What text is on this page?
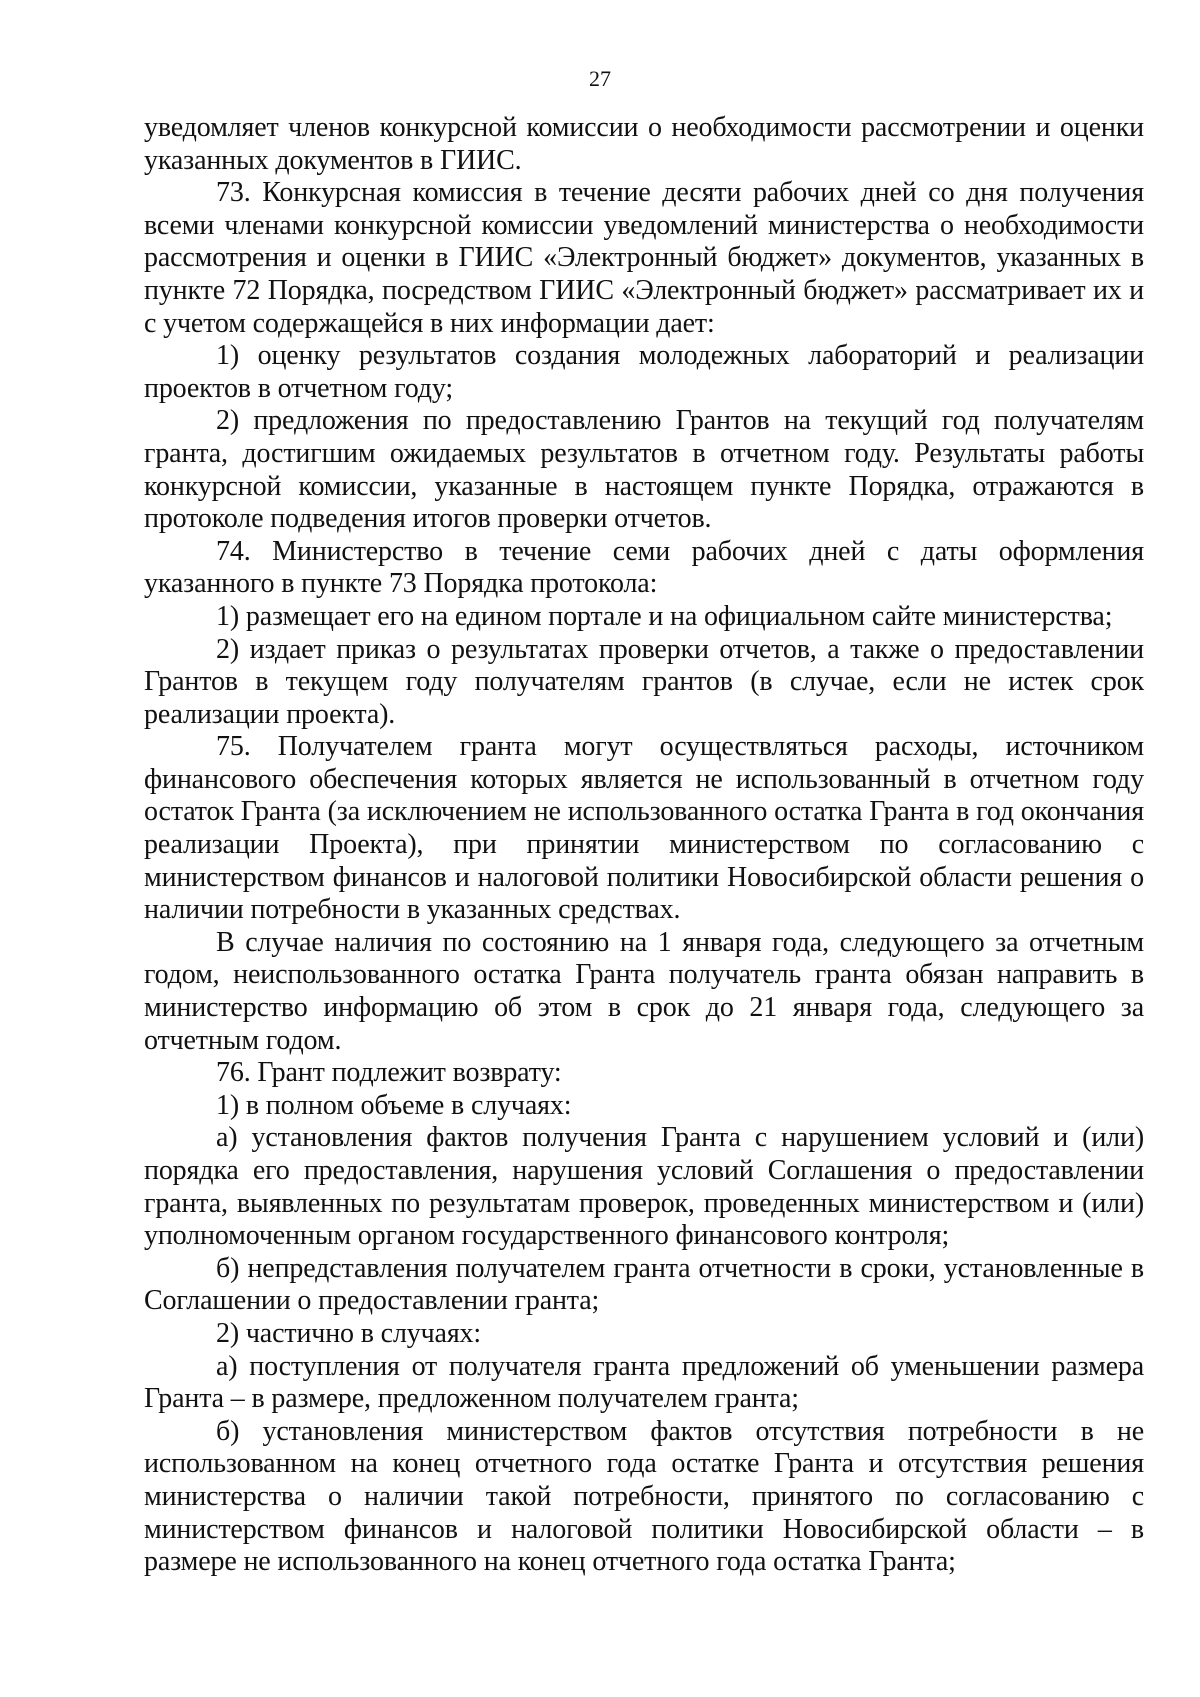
27

уведомляет членов конкурсной комиссии о необходимости рассмотрении и оценки указанных документов в ГИИС.

73. Конкурсная комиссия в течение десяти рабочих дней со дня получения всеми членами конкурсной комиссии уведомлений министерства о необходимости рассмотрения и оценки в ГИИС «Электронный бюджет» документов, указанных в пункте 72 Порядка, посредством ГИИС «Электронный бюджет» рассматривает их и с учетом содержащейся в них информации дает:

1) оценку результатов создания молодежных лабораторий и реализации проектов в отчетном году;

2) предложения по предоставлению Грантов на текущий год получателям гранта, достигшим ожидаемых результатов в отчетном году. Результаты работы конкурсной комиссии, указанные в настоящем пункте Порядка, отражаются в протоколе подведения итогов проверки отчетов.

74. Министерство в течение семи рабочих дней с даты оформления указанного в пункте 73 Порядка протокола:

1) размещает его на едином портале и на официальном сайте министерства;

2) издает приказ о результатах проверки отчетов, а также о предоставлении Грантов в текущем году получателям грантов (в случае, если не истек срок реализации проекта).

75. Получателем гранта могут осуществляться расходы, источником финансового обеспечения которых является не использованный в отчетном году остаток Гранта (за исключением не использованного остатка Гранта в год окончания реализации Проекта), при принятии министерством по согласованию с министерством финансов и налоговой политики Новосибирской области решения о наличии потребности в указанных средствах.

В случае наличия по состоянию на 1 января года, следующего за отчетным годом, неиспользованного остатка Гранта получатель гранта обязан направить в министерство информацию об этом в срок до 21 января года, следующего за отчетным годом.

76. Грант подлежит возврату:

1) в полном объеме в случаях:

а) установления фактов получения Гранта с нарушением условий и (или) порядка его предоставления, нарушения условий Соглашения о предоставлении гранта, выявленных по результатам проверок, проведенных министерством и (или) уполномоченным органом государственного финансового контроля;

б) непредставления получателем гранта отчетности в сроки, установленные в Соглашении о предоставлении гранта;

2) частично в случаях:

а) поступления от получателя гранта предложений об уменьшении размера Гранта – в размере, предложенном получателем гранта;

б) установления министерством фактов отсутствия потребности в не использованном на конец отчетного года остатке Гранта и отсутствия решения министерства о наличии такой потребности, принятого по согласованию с министерством финансов и налоговой политики Новосибирской области – в размере не использованного на конец отчетного года остатка Гранта;
